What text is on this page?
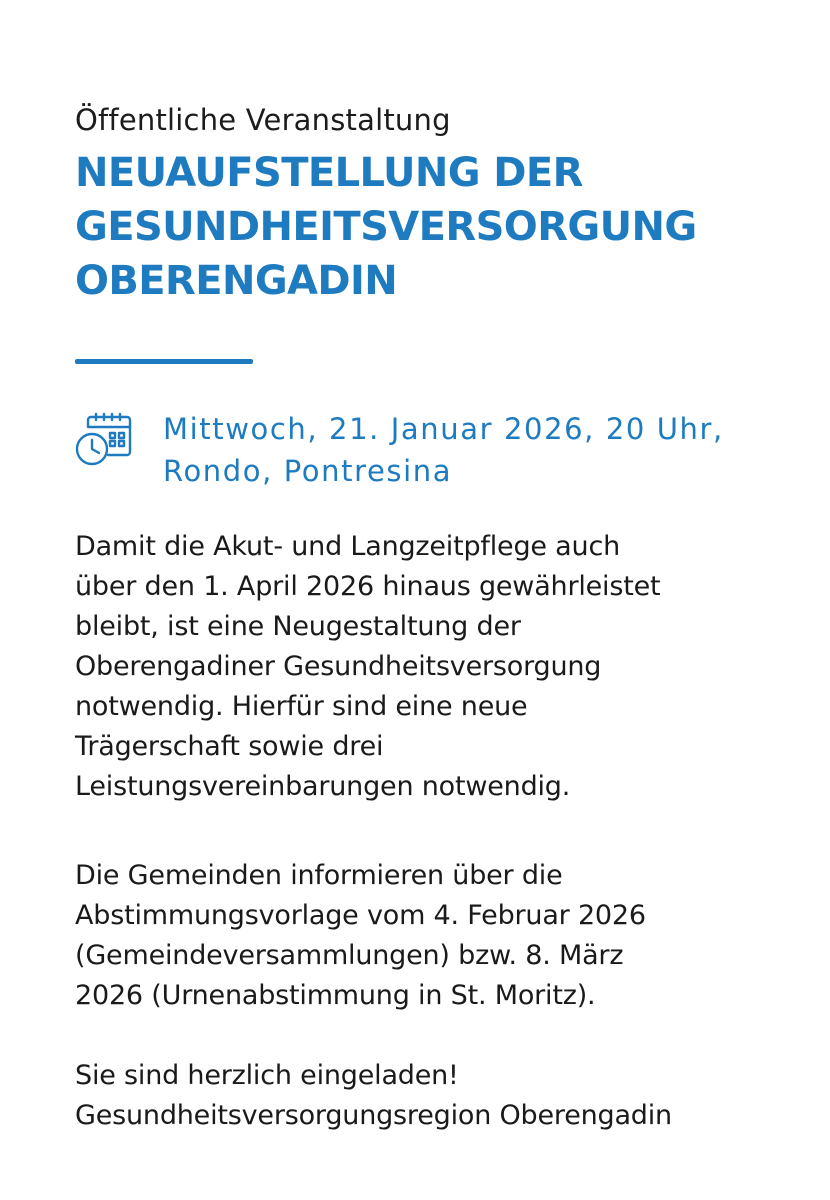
Öffentliche Veranstaltung
NEUAUFSTELLUNG DER
GESUNDHEITSVERSORGUNG
OBERENGADIN
Mittwoch, 21. Januar 2026, 20 Uhr,
Rondo, Pontresina

Damit die Akut- und Langzeitpflege auch
über den 1. April 2026 hinaus gewährleistet
bleibt, ist eine Neugestaltung der
Oberengadiner Gesundheitsversorgung
notwendig. Hierfür sind eine neue
Trägerschaft sowie drei
Leistungsvereinbarungen notwendig.

Die Gemeinden informieren über die
Abstimmungsvorlage vom 4. Februar 2026
(Gemeindeversammlungen) bzw. 8. März
2026 (Urnenabstimmung in St. Moritz).

Sie sind herzlich eingeladen!
Gesundheitsversorgungsregion Oberengadin
